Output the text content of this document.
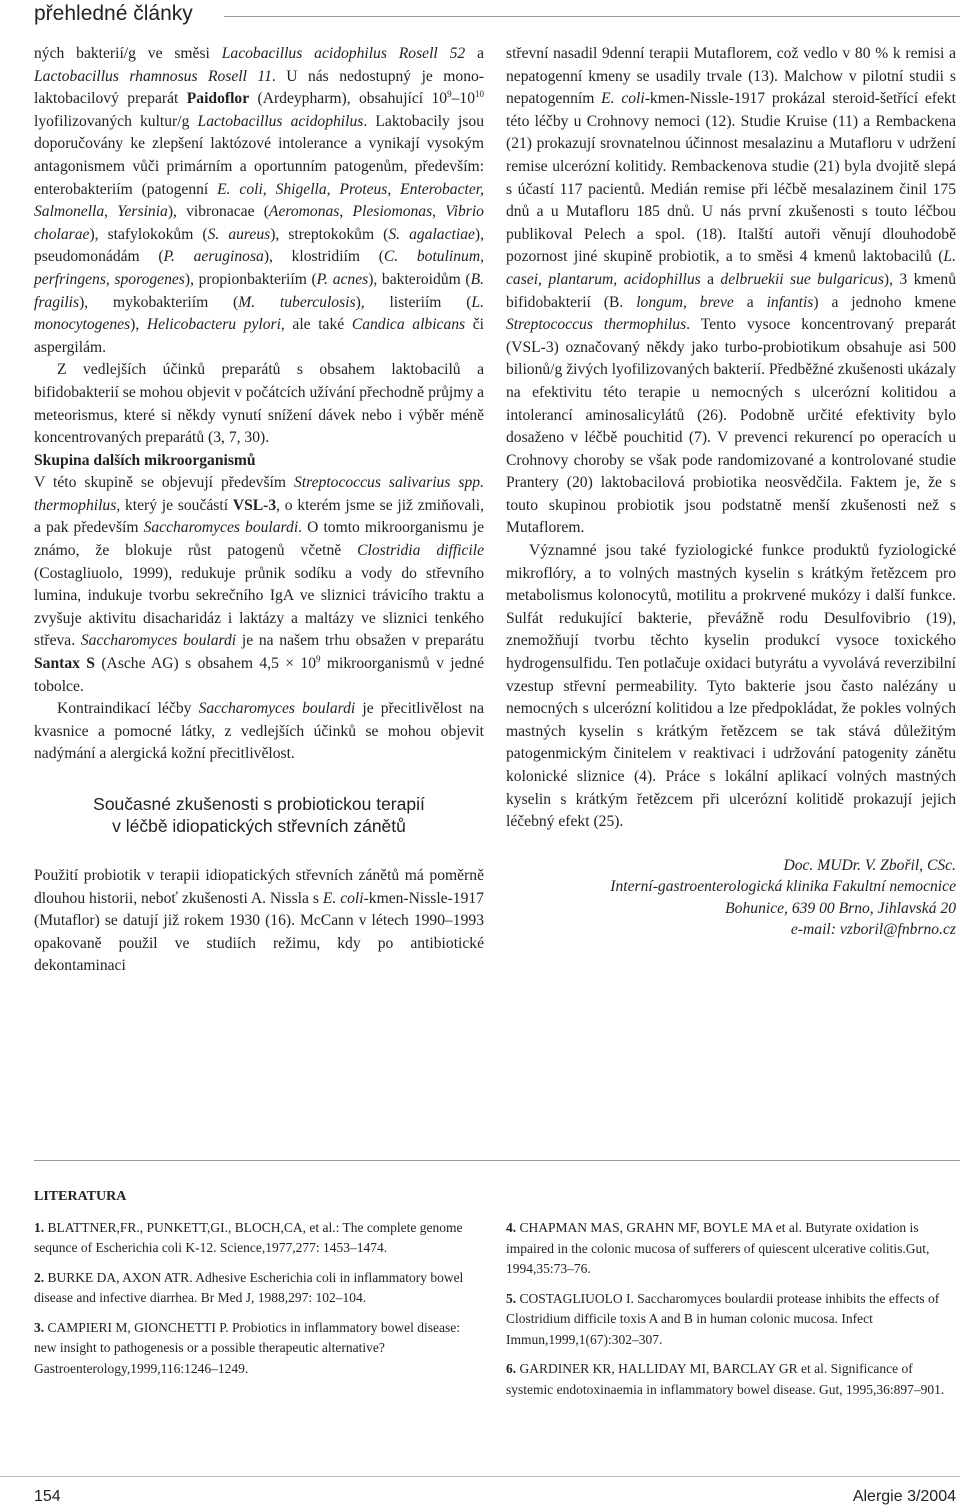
přehledné články

ných bakterií/g ve směsi Lacobacillus acidophilus Rosell 52 a Lactobacillus rhamnosus Rosell 11. U nás nedostupný je mono-laktobacilový preparát Paidoflor (Ardeypharm), obsahující $10^9-10^{10}$ lyofilizovaných kultur/g Lactobacillus acidophilus. Laktobacily jsou doporučovány ke zlepšení laktózové intolerance a vynikají vysokým antagonismem vůči primárním a oportunním patogenům, především: enterobakteriím (patogenní E. coli, Shigella, Proteus, Enterobacter, Salmonella, Yersinia), vibronacae (Aeromonas, Plesiomonas, Vibrio cholarae), stafylokokům (S. aureus), streptokokům (S. agalactiae), pseudomonádám (P. aeruginosa), klostridiím (C. botulinum, perfringens, sporogenes), propionbakteriím (P. acnes), bakteroidům (B. fragilis), mykobakteriím (M. tuberculosis), listeriím (L. monocytogenes), Helicobacteru pylori, ale také Candica albicans či aspergilám.

Z vedlejších účinků preparátů s obsahem laktobacilů a bifidobakterií se mohou objevit v počátcích užívání přechodně průjmy a meteorismus, které si někdy vynutí snížení dávek nebo i výběr méně koncentrovaných preparátů (3, 7, 30).

Skupina dalších mikroorganismů

V této skupině se objevují především Streptococcus salivarius spp. thermophilus, který je součástí VSL-3, o kterém jsme se již zmiňovali, a pak především Saccharomyces boulardi. O tomto mikroorganismu je známo, že blokuje růst patogenů včetně Clostridia difficile (Costagliuolo, 1999), redukuje průnik sodíku a vody do střevního lumina, indukuje tvorbu sekrečního IgA ve sliznici trávicího traktu a zvyšuje aktivitu disacharidáz i laktázy a maltázy ve sliznici tenkého střeva. Saccharomyces boulardi je na našem trhu obsažen v preparátu Santax S (Asche AG) s obsahem $4,5 \times 10^9$ mikroorganismů v jedné tobolce.

Kontraindikací léčby Saccharomyces boulardi je přecitlivělost na kvasnice a pomocné látky, z vedlejších účinků se mohou objevit nadýmání a alergická kožní přecitlivělost.

Současné zkušenosti s probiotickou terapií
v léčbě idiopatických střevních zánětů

Použití probiotik v terapii idiopatických střevních zánětů má poměrně dlouhou historii, neboť zkušenosti A. Nissla s E. coli-kmen-Nissle-1917 (Mutaflor) se datují již rokem 1930 (16). McCann v létech 1990–1993 opakovaně použil ve studiích režimu, kdy po antibiotické dekontaminaci

střevní nasadil 9denní terapii Mutaflorem, což vedlo v 80 % k remisi a nepatogenní kmeny se usadily trvale (13). Malchow v pilotní studii s nepatogenním E. coli-kmen-Nissle-1917 prokázal steroid-šetřící efekt této léčby u Crohnovy nemoci (12). Studie Kruise (11) a Rembackena (21) prokazují srovnatelnou účinnost mesalazinu a Mutafloru v udržení remise ulcerózní kolitidy. Rembackenova studie (21) byla dvojitě slepá s účastí 117 pacientů. Medián remise při léčbě mesalazinem činil 175 dnů a u Mutafloru 185 dnů. U nás první zkušenosti s touto léčbou publikoval Pelech a spol. (18). Italští autoři věnují dlouhodobě pozornost jiné skupině probiotik, a to směsi 4 kmenů laktobacilů (L. casei, plantarum, acidophillus a delbruekii sue bulgaricus), 3 kmenů bifidobakterií (B. longum, breve a infantis) a jednoho kmene Streptococcus thermophilus. Tento vysoce koncentrovaný preparát (VSL-3) označovaný někdy jako turbo-probiotikum obsahuje asi 500 bilionů/g živých lyofilizovaných bakterií. Předběžné zkušenosti ukázaly na efektivitu této terapie u nemocných s ulcerózní kolitidou a intolerancí aminosalicylátů (26). Podobně určité efektivity bylo dosaženo v léčbě pouchitid (7). V prevenci rekurencí po operacích u Crohnovy choroby se však pode randomizované a kontrolované studie Prantery (20) laktobacilová probiotika neosvědčila. Faktem je, že s touto skupinou probiotik jsou podstatně menší zkušenosti než s Mutaflorem.

Významné jsou také fyziologické funkce produktů fyziologické mikroflóry, a to volných mastných kyselin s krátkým řetězcem pro metabolismus kolonocytů, motilitu a prokrvené mukózy i další funkce. Sulfát redukující bakterie, převážně rodu Desulfovibrio (19), znemožňují tvorbu těchto kyselin produkcí vysoce toxického hydrogensulfidu. Ten potlačuje oxidaci butyrátu a vyvolává reverzibilní vzestup střevní permeability. Tyto bakterie jsou často nalézány u nemocných s ulcerózní kolitidou a lze předpokládat, že pokles volných mastných kyselin s krátkým řetězcem se tak stává důležitým patogenmickým činitelem v reaktivaci i udržování patogenity zánětu kolonické sliznice (4). Práce s lokální aplikací volných mastných kyselin s krátkým řetězcem při ulcerózní kolitidě prokazují jejich léčebný efekt (25).

Doc. MUDr. V. Zbořil, CSc.
Interní-gastroenterologická klinika Fakultní nemocnice
Bohunice, 639 00 Brno, Jihlavská 20
e-mail: vzboril@fnbrno.cz
LITERATURA
1. BLATTNER,FR., PUNKETT,GI., BLOCH,CA, et al.: The complete genome sequnce of Escherichia coli K-12. Science,1977,277: 1453–1474.
2. BURKE DA, AXON ATR. Adhesive Escherichia coli in inflammatory bowel disease and infective diarrhea. Br Med J, 1988,297: 102–104.
3. CAMPIERI M, GIONCHETTI P. Probiotics in inflammatory bowel disease: new insight to pathogenesis or a possible therapeutic alternative? Gastroenterology,1999,116:1246–1249.
4. CHAPMAN MAS, GRAHN MF, BOYLE MA et al. Butyrate oxidation is impaired in the colonic mucosa of sufferers of quiescent ulcerative colitis.Gut, 1994,35:73–76.
5. COSTAGLIUOLO I. Saccharomyces boulardii protease inhibits the effects of Clostridium difficile toxis A and B in human colonic mucosa. Infect Immun,1999,1(67):302–307.
6. GARDINER KR, HALLIDAY MI, BARCLAY GR et al. Significance of systemic endotoxinaemia in inflammatory bowel disease. Gut, 1995,36:897–901.
154	Alergie 3/2004
